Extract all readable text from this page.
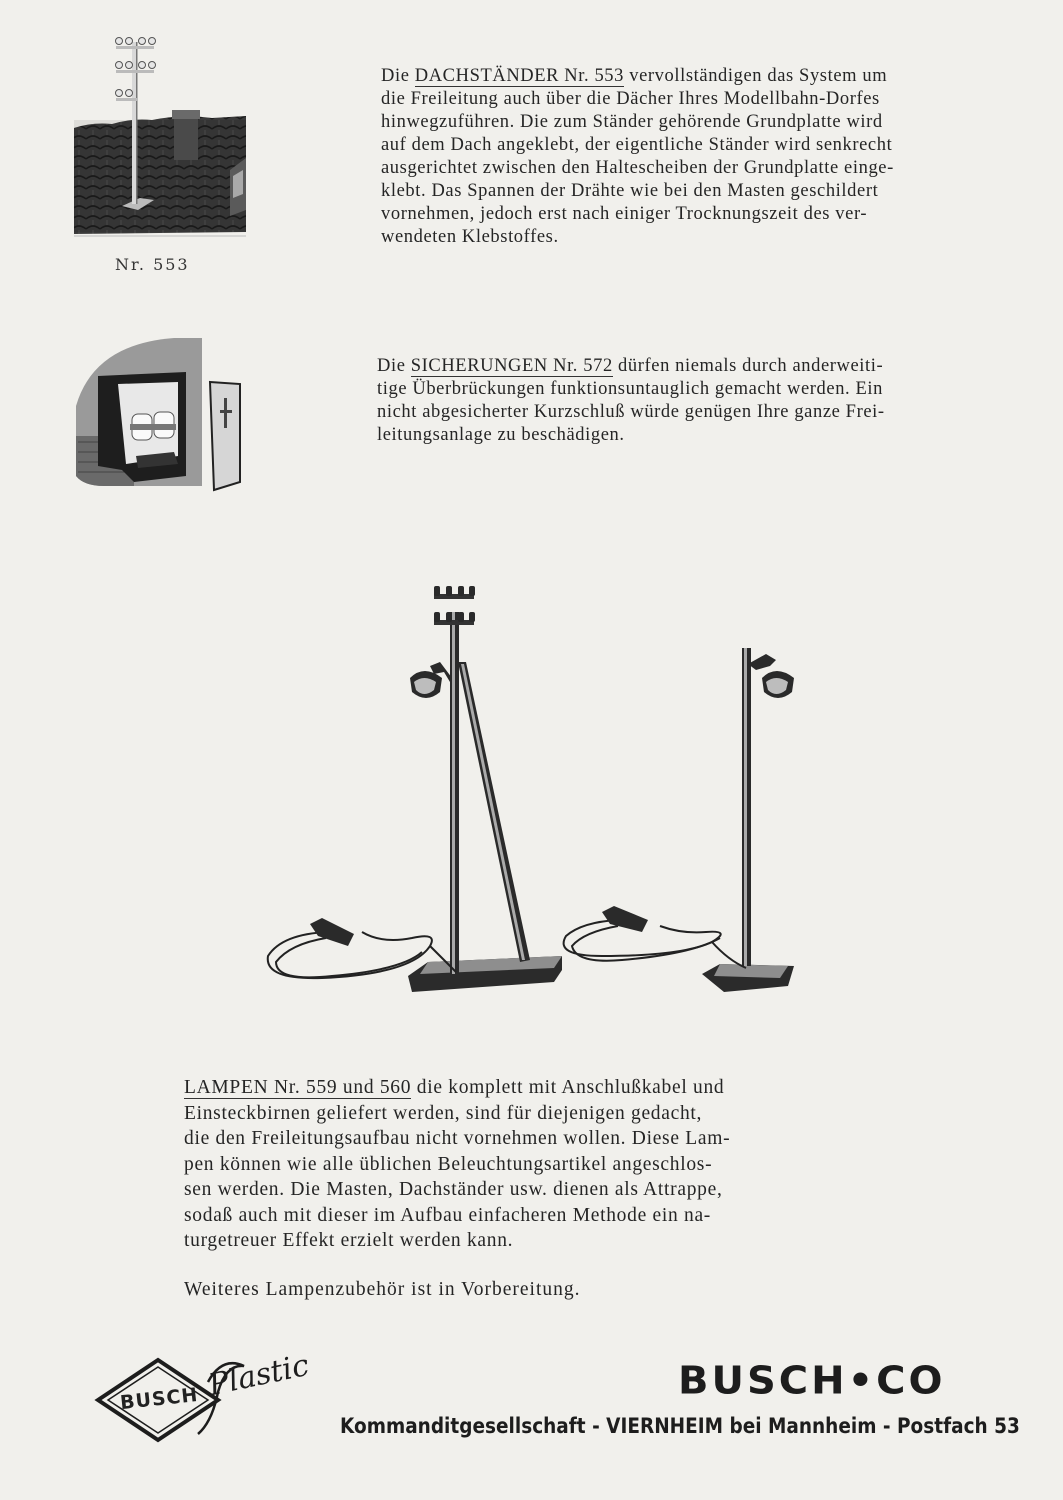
Nr. 553
Die DACHSTÄNDER Nr. 553 vervollständigen das System um
die Freileitung auch über die Dächer Ihres Modellbahn-Dorfes
hinwegzuführen. Die zum Ständer gehörende Grundplatte wird
auf dem Dach angeklebt, der eigentliche Ständer wird senkrecht
ausgerichtet zwischen den Haltescheiben der Grundplatte einge-
klebt. Das Spannen der Drähte wie bei den Masten geschildert
vornehmen, jedoch erst nach einiger Trocknungszeit des ver-
wendeten Klebstoffes.
Die SICHERUNGEN Nr. 572 dürfen niemals durch anderweiti-
tige Überbrückungen funktionsuntauglich gemacht werden. Ein
nicht abgesicherter Kurzschluß würde genügen Ihre ganze Frei-
leitungsanlage zu beschädigen.
LAMPEN Nr. 559 und 560 die komplett mit Anschlußkabel und
Einsteckbirnen geliefert werden, sind für diejenigen gedacht,
die den Freileitungsaufbau nicht vornehmen wollen. Diese Lam-
pen können wie alle üblichen Beleuchtungsartikel angeschlos-
sen werden. Die Masten, Dachständer usw. dienen als Attrappe,
sodaß auch mit dieser im Aufbau einfacheren Methode ein na-
turgetreuer Effekt erzielt werden kann.
Weiteres Lampenzubehör ist in Vorbereitung.
BUSCH Plastic	BUSCH•CO
Kommanditgesellschaft - VIERNHEIM bei Mannheim - Postfach 53
